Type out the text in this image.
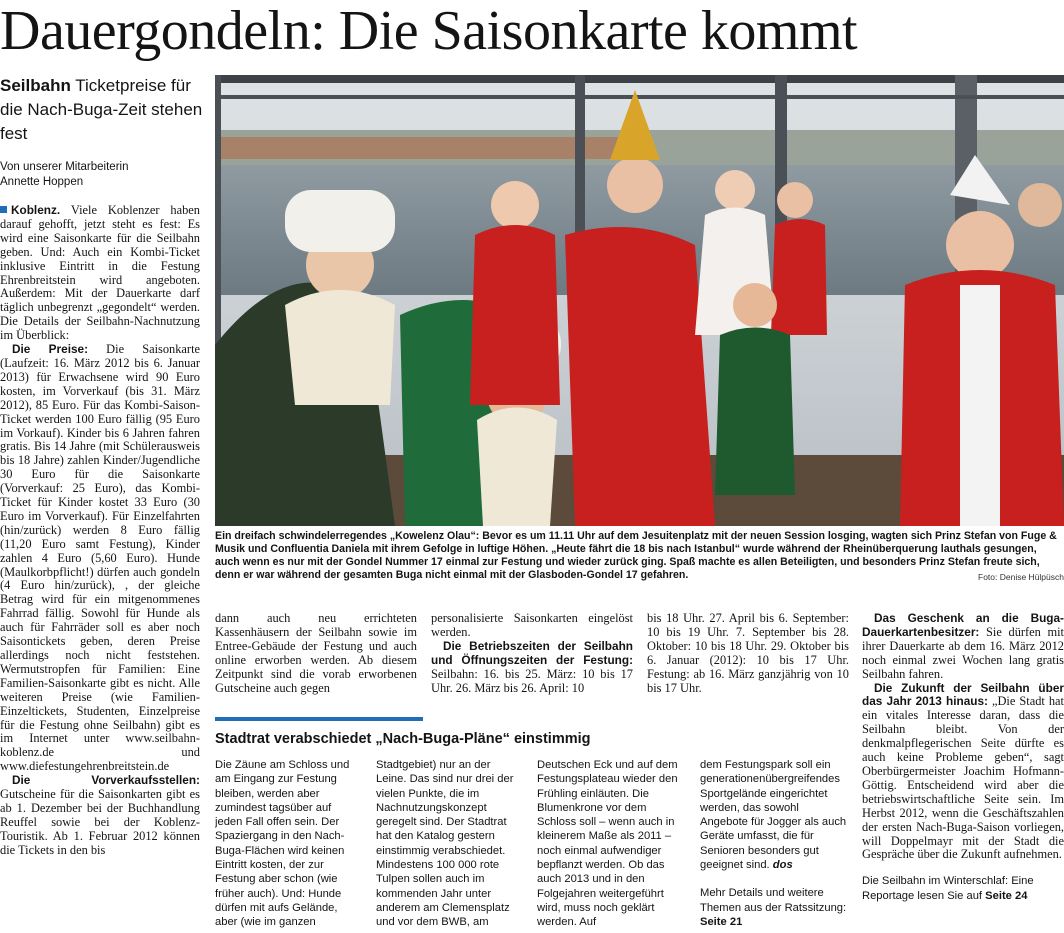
Dauergondeln: Die Saisonkarte kommt
Seilbahn Ticketpreise für die Nach-Buga-Zeit stehen fest
Von unserer Mitarbeiterin
Annette Hoppen

Koblenz. Viele Koblenzer haben darauf gehofft, jetzt steht es fest: Es wird eine Saisonkarte für die Seilbahn geben. Und: Auch ein Kombi-Ticket inklusive Eintritt in die Festung Ehrenbreitstein wird angeboten. Außerdem: Mit der Dauerkarte darf täglich unbegrenzt „gegondelt“ werden. Die Details der Seilbahn-Nachnutzung im Überblick:

Die Preise: Die Saisonkarte (Laufzeit: 16. März 2012 bis 6. Januar 2013) für Erwachsene wird 90 Euro kosten, im Vorverkauf (bis 31. März 2012), 85 Euro. Für das Kombi-Saison-Ticket werden 100 Euro fällig (95 Euro im Vorkauf). Kinder bis 6 Jahren fahren gratis. Bis 14 Jahre (mit Schülerausweis bis 18 Jahre) zahlen Kinder/Jugendliche 30 Euro für die Saisonkarte (Vorverkauf: 25 Euro), das Kombi-Ticket für Kinder kostet 33 Euro (30 Euro im Vorverkauf). Für Einzelfahrten (hin/zurück) werden 8 Euro fällig (11,20 Euro samt Festung), Kinder zahlen 4 Euro (5,60 Euro). Hunde (Maulkorbpflicht!) dürfen auch gondeln (4 Euro hin/zurück), , der gleiche Betrag wird für ein mitgenommenes Fahrrad fällig. Sowohl für Hunde als auch für Fahrräder soll es aber noch Saisontickets geben, deren Preise allerdings noch nicht feststehen. Wermutstropfen für Familien: Eine Familien-Saisonkarte gibt es nicht. Alle weiteren Preise (wie Familien-Einzeltickets, Studenten, Einzelpreise für die Festung ohne Seilbahn) gibt es im Internet unter www.seilbahn-koblenz.de und www.diefestungehrenbreitstein.de

Die Vorverkaufsstellen: Gutscheine für die Saisonkarten gibt es ab 1. Dezember bei der Buchhandlung Reuffel sowie bei der Koblenz-Touristik. Ab 1. Februar 2012 können die Tickets in den bis

Ein dreifach schwindelerregendes „Kowelenz Olau“: Bevor es um 11.11 Uhr auf dem Jesuitenplatz mit der neuen Session losging, wagten sich Prinz Stefan von Fuge & Musik und Confluentia Daniela mit ihrem Gefolge in luftige Höhen. „Heute fährt die 18 bis nach Istanbul“ wurde während der Rheinüberquerung lauthals gesungen, auch wenn es nur mit der Gondel Nummer 17 einmal zur Festung und wieder zurück ging. Spaß machte es allen Beteiligten, und besonders Prinz Stefan freute sich, denn er war während der gesamten Buga nicht einmal mit der Glasboden-Gondel 17 gefahren.	Foto: Denise Hülpüsch

dann auch neu errichteten Kassenhäusern der Seilbahn sowie im Entree-Gebäude der Festung und auch online erworben werden. Ab diesem Zeitpunkt sind die vorab erworbenen Gutscheine auch gegen

personalisierte Saisonkarten eingelöst werden.

Die Betriebszeiten der Seilbahn und Öffnungszeiten der Festung: Seilbahn: 16. bis 25. März: 10 bis 17 Uhr. 26. März bis 26. April: 10

bis 18 Uhr. 27. April bis 6. September: 10 bis 19 Uhr. 7. September bis 28. Oktober: 10 bis 18 Uhr. 29. Oktober bis 6. Januar (2012): 10 bis 17 Uhr. Festung: ab 16. März ganzjährig von 10 bis 17 Uhr.

Das Geschenk an die Buga-Dauerkartenbesitzer: Sie dürfen mit ihrer Dauerkarte ab dem 16. März 2012 noch einmal zwei Wochen lang gratis Seilbahn fahren.

Die Zukunft der Seilbahn über das Jahr 2013 hinaus: „Die Stadt hat ein vitales Interesse daran, dass die Seilbahn bleibt. Von der denkmalpflegerischen Seite dürfte es auch keine Probleme geben“, sagt Oberbürgermeister Joachim Hofmann-Göttig. Entscheidend wird aber die betriebswirtschaftliche Seite sein. Im Herbst 2012, wenn die Geschäftszahlen der ersten Nach-Buga-Saison vorliegen, will Doppelmayr mit der Stadt die Gespräche über die Zukunft aufnehmen.

Die Seilbahn im Winterschlaf: Eine Reportage lesen Sie auf Seite 24

Stadtrat verabschiedet „Nach-Buga-Pläne“ einstimmig

Die Zäune am Schloss und am Eingang zur Festung bleiben, werden aber zumindest tagsüber auf jeden Fall offen sein. Der Spaziergang in den Nach-Buga-Flächen wird keinen Eintritt kosten, der zur Festung aber schon (wie früher auch). Und: Hunde dürfen mit aufs Gelände, aber (wie im ganzen

Stadtgebiet) nur an der Leine. Das sind nur drei der vielen Punkte, die im Nachnutzungskonzept geregelt sind. Der Stadtrat hat den Katalog gestern einstimmig verabschiedet. Mindestens 100 000 rote Tulpen sollen auch im kommenden Jahr unter anderem am Clemensplatz und vor dem BWB, am

Deutschen Eck und auf dem Festungsplateau wieder den Frühling einläuten. Die Blumenkrone vor dem Schloss soll – wenn auch in kleinerem Maße als 2011 – noch einmal aufwendiger bepflanzt werden. Ob das auch 2013 und in den Folgejahren weitergeführt wird, muss noch geklärt werden. Auf

dem Festungspark soll ein generationenübergreifendes Sportgelände eingerichtet werden, das sowohl Angebote für Jogger als auch Geräte umfasst, die für Senioren besonders gut geeignet sind. dos

Mehr Details und weitere Themen aus der Ratssitzung: Seite 21
